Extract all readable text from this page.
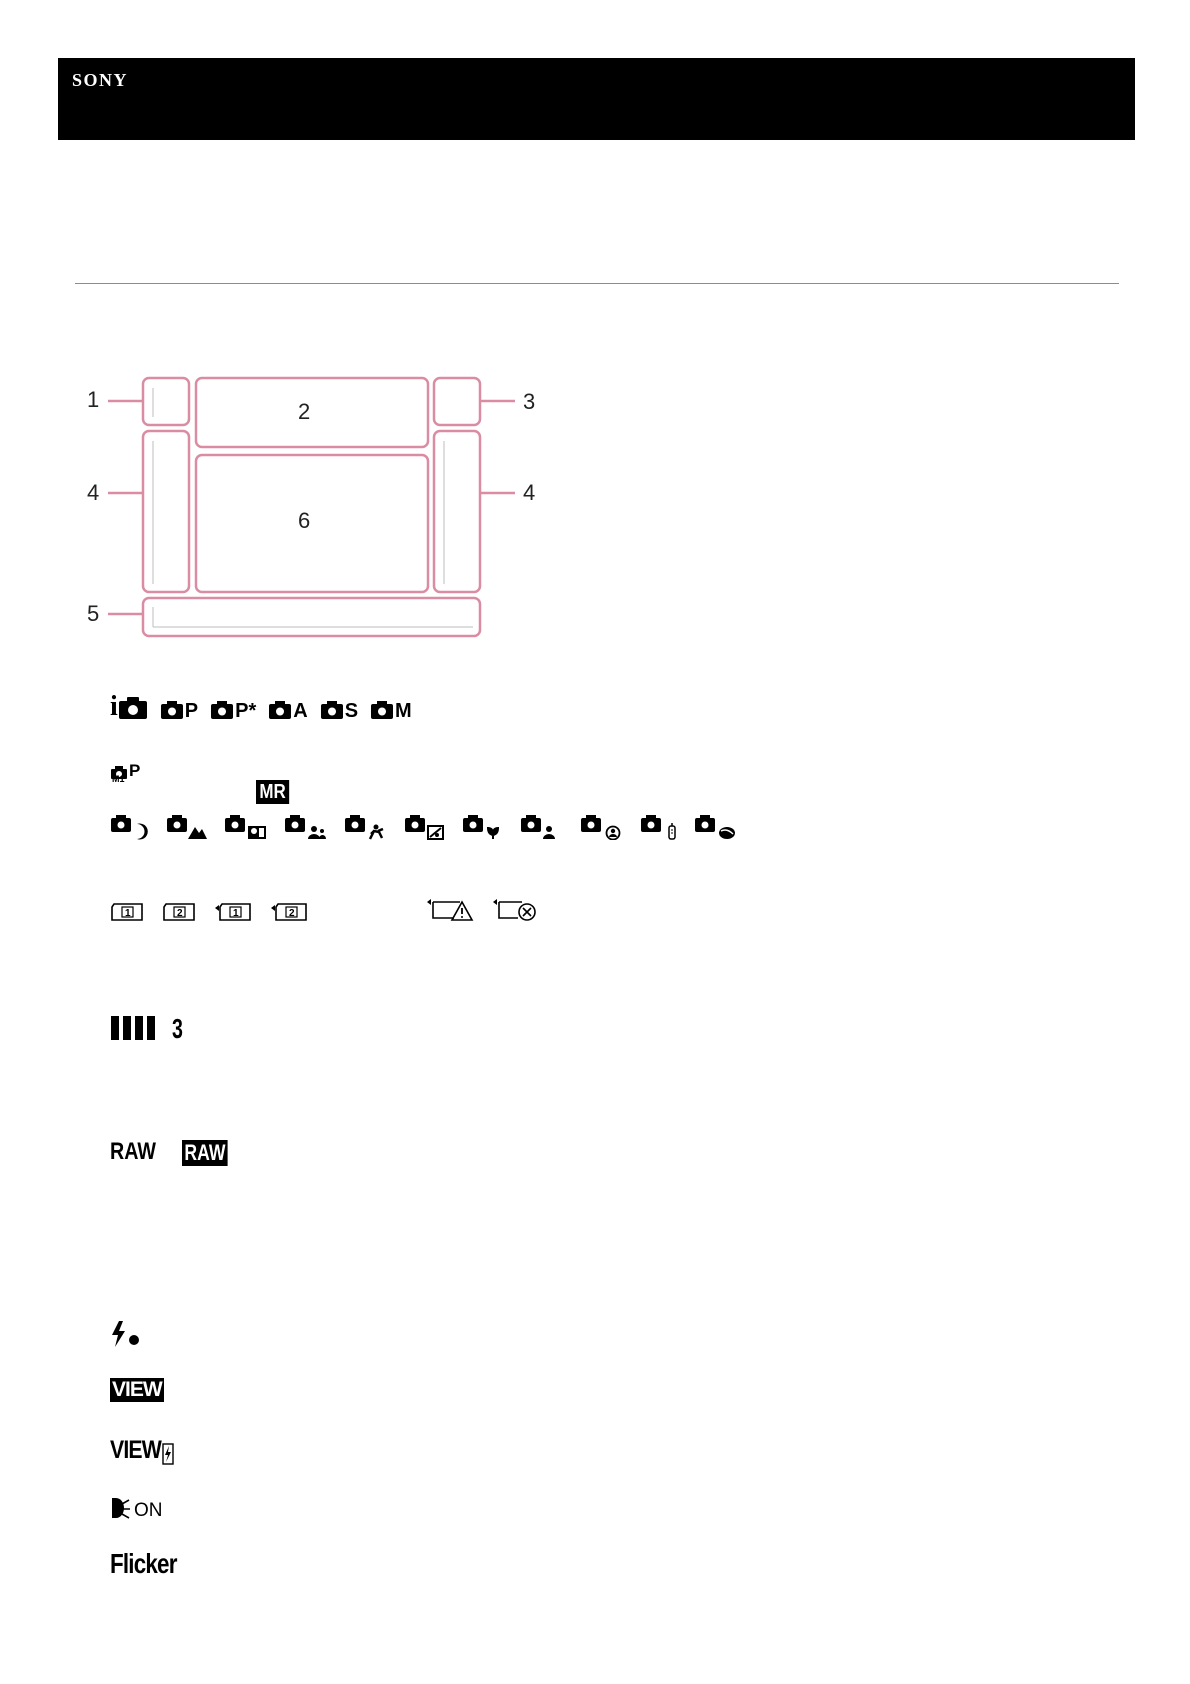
SONY
1	2	3
4
6
4
5
i	P P* A S M
P
M1
MR
1	2	1	2
3
RAW RAW
VIEW
VIEW
ON
Flicker
